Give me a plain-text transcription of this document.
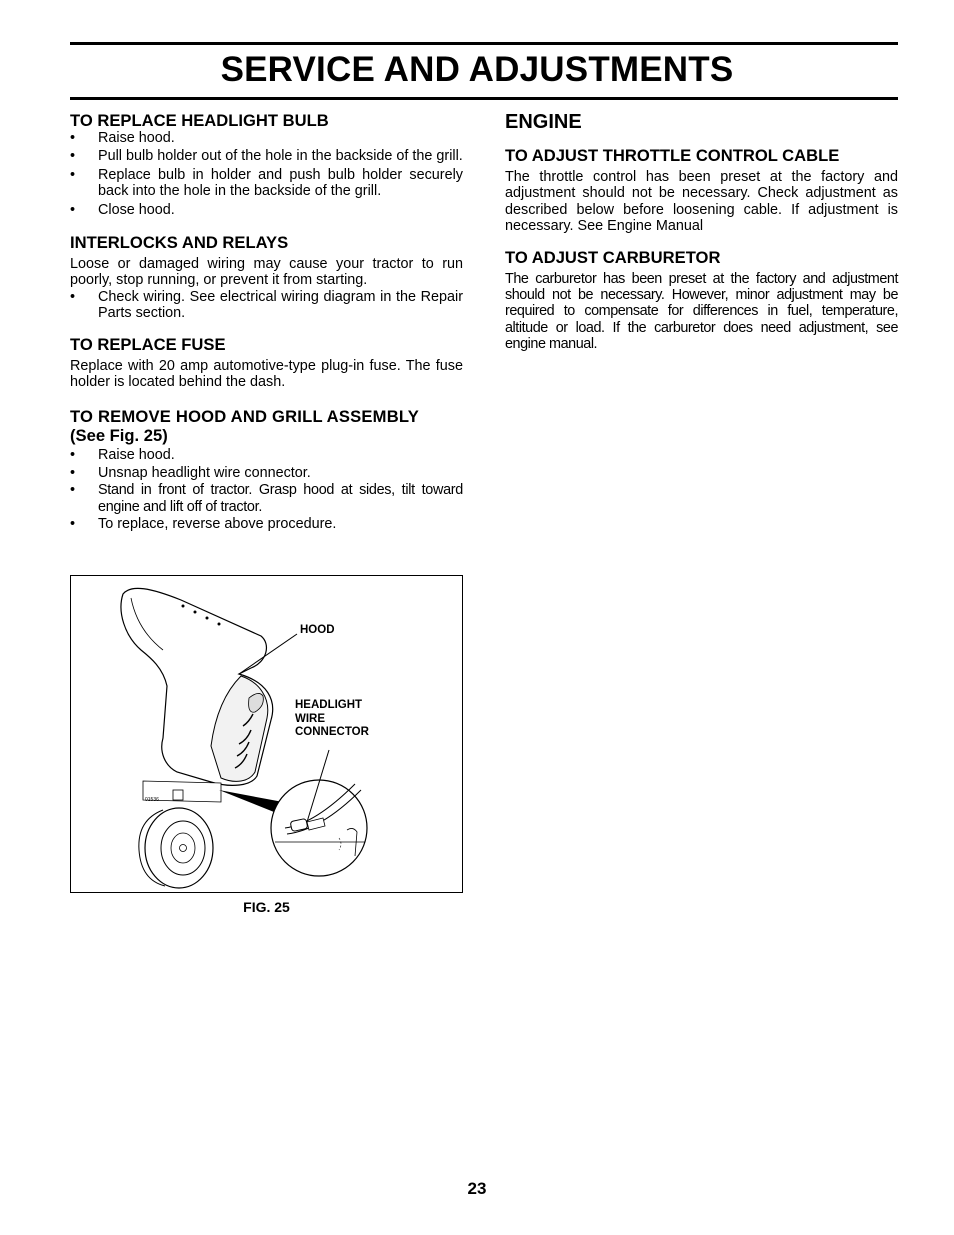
SERVICE AND ADJUSTMENTS
TO REPLACE HEADLIGHT BULB
• Raise hood.
• Pull bulb holder out of the hole in the backside of the grill.
• Replace bulb in holder and push bulb holder securely back into the hole in the backside of the grill.
• Close hood.
INTERLOCKS AND RELAYS

Loose or damaged wiring may cause your tractor to run poorly, stop running, or prevent it from starting.

• Check wiring. See electrical wiring diagram in the Repair Parts section.
TO REPLACE FUSE

Replace with 20 amp automotive-type plug-in fuse. The fuse holder is located behind the dash.

TO REMOVE HOOD AND GRILL ASSEMBLY
(See Fig. 25)
• Raise hood.
• Unsnap headlight wire connector.
• Stand in front of tractor. Grasp hood at sides, tilt toward engine and lift off of tractor.
• To replace, reverse above procedure.
01536
HOOD
HEADLIGHT
WIRE
CONNECTOR
FIG. 25
ENGINE
TO ADJUST THROTTLE CONTROL CABLE

The throttle control has been preset at the factory and adjustment should not be necessary. Check adjustment as described below before loosening cable. If adjustment is necessary. See Engine Manual

TO ADJUST CARBURETOR

The carburetor has been preset at the factory and adjustment should not be necessary. However, minor adjustment may be required to compensate for differences in fuel, temperature, altitude or load. If the carburetor does need adjustment, see engine manual.

23
